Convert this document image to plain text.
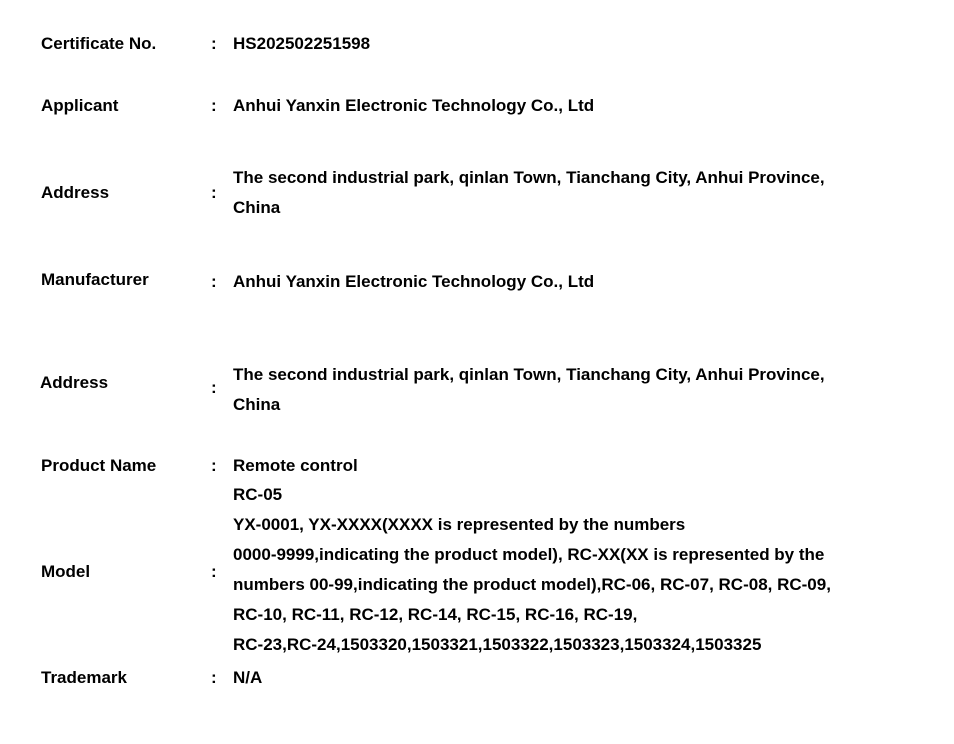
Certificate No.	: HS202502251598
Applicant	: Anhui Yanxin Electronic Technology Co., Ltd
Address	:
The second industrial park, qinlan Town, Tianchang City, Anhui Province,
China
Manufacturer	: Anhui Yanxin Electronic Technology Co., Ltd
Address	:
The second industrial park, qinlan Town, Tianchang City, Anhui Province,
China
Product Name	: Remote control
Model	:
RC-05
YX-0001, YX-XXXX(XXXX is represented by the numbers
0000-9999,indicating the product model), RC-XX(XX is represented by the
numbers 00-99,indicating the product model),RC-06, RC-07, RC-08, RC-09,
RC-10, RC-11, RC-12, RC-14, RC-15, RC-16, RC-19,
RC-23,RC-24,1503320,1503321,1503322,1503323,1503324,1503325
Trademark	: N/A
